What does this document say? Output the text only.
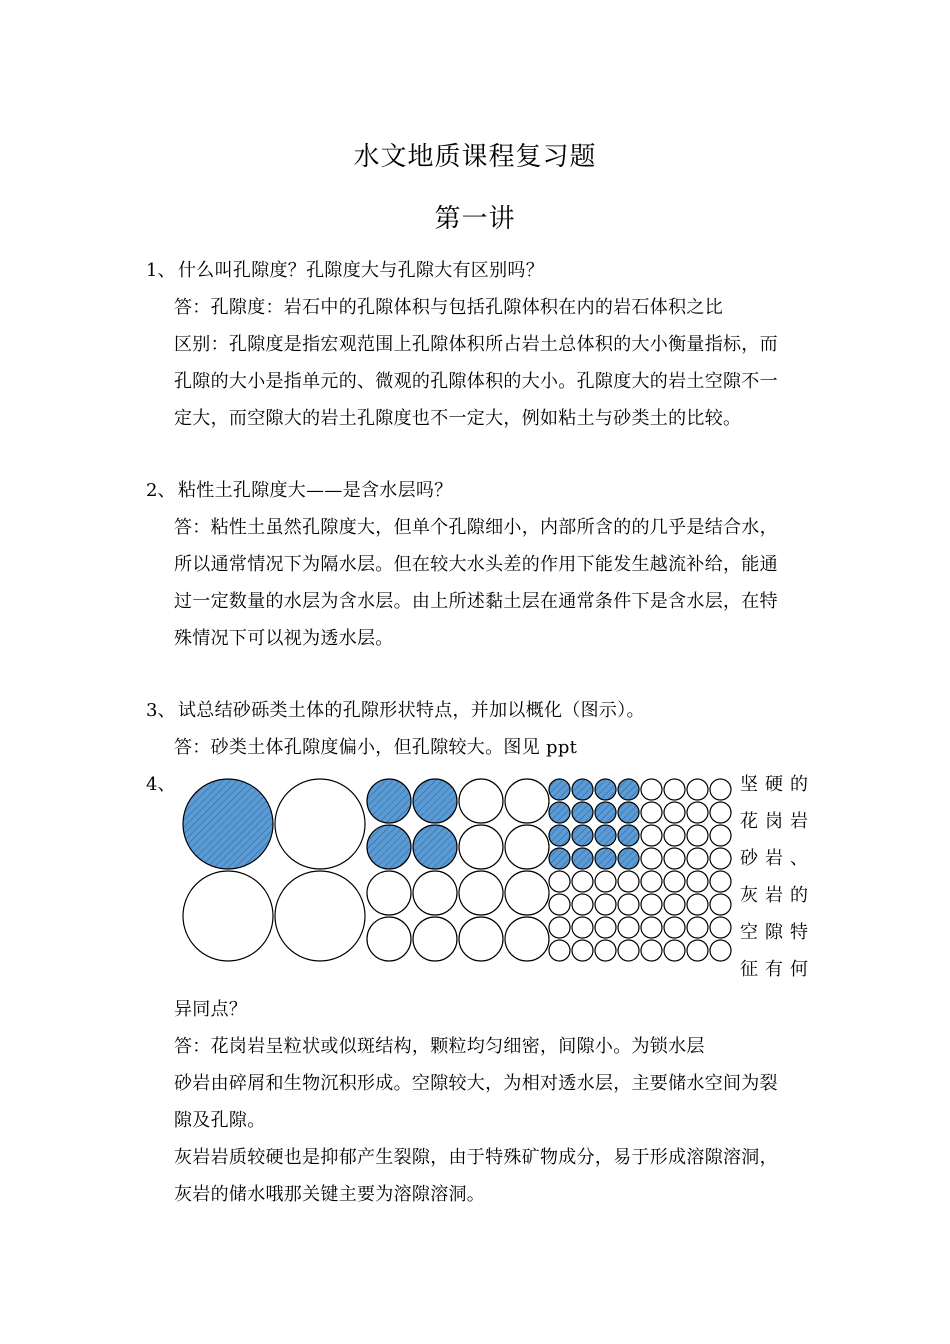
水文地质课程复习题
第一讲
1、 什么叫孔隙度？孔隙度大与孔隙大有区别吗？
答：孔隙度：岩石中的孔隙体积与包括孔隙体积在内的岩石体积之比
区别：孔隙度是指宏观范围上孔隙体积所占岩土总体积的大小衡量指标，而
孔隙的大小是指单元的、微观的孔隙体积的大小。孔隙度大的岩土空隙不一
定大，而空隙大的岩土孔隙度也不一定大，例如粘土与砂类土的比较。
2、 粘性土孔隙度大——是含水层吗？
答：粘性土虽然孔隙度大，但单个孔隙细小，内部所含的的几乎是结合水，
所以通常情况下为隔水层。但在较大水头差的作用下能发生越流补给，能通
过一定数量的水层为含水层。由上所述黏土层在通常条件下是含水层，在特
殊情况下可以视为透水层。
3、 试总结砂砾类土体的孔隙形状特点，并加以概化（图示）。
答：砂类土体孔隙度偏小，但孔隙较大。图见 ppt
4、	坚硬的
花岗岩
砂岩、
灰岩的
空隙特
征有何
异同点？
答：花岗岩呈粒状或似斑结构，颗粒均匀细密，间隙小。为锁水层
砂岩由碎屑和生物沉积形成。空隙较大，为相对透水层，主要储水空间为裂
隙及孔隙。
灰岩岩质较硬也是抑郁产生裂隙，由于特殊矿物成分，易于形成溶隙溶洞，
灰岩的储水哦那关键主要为溶隙溶洞。
